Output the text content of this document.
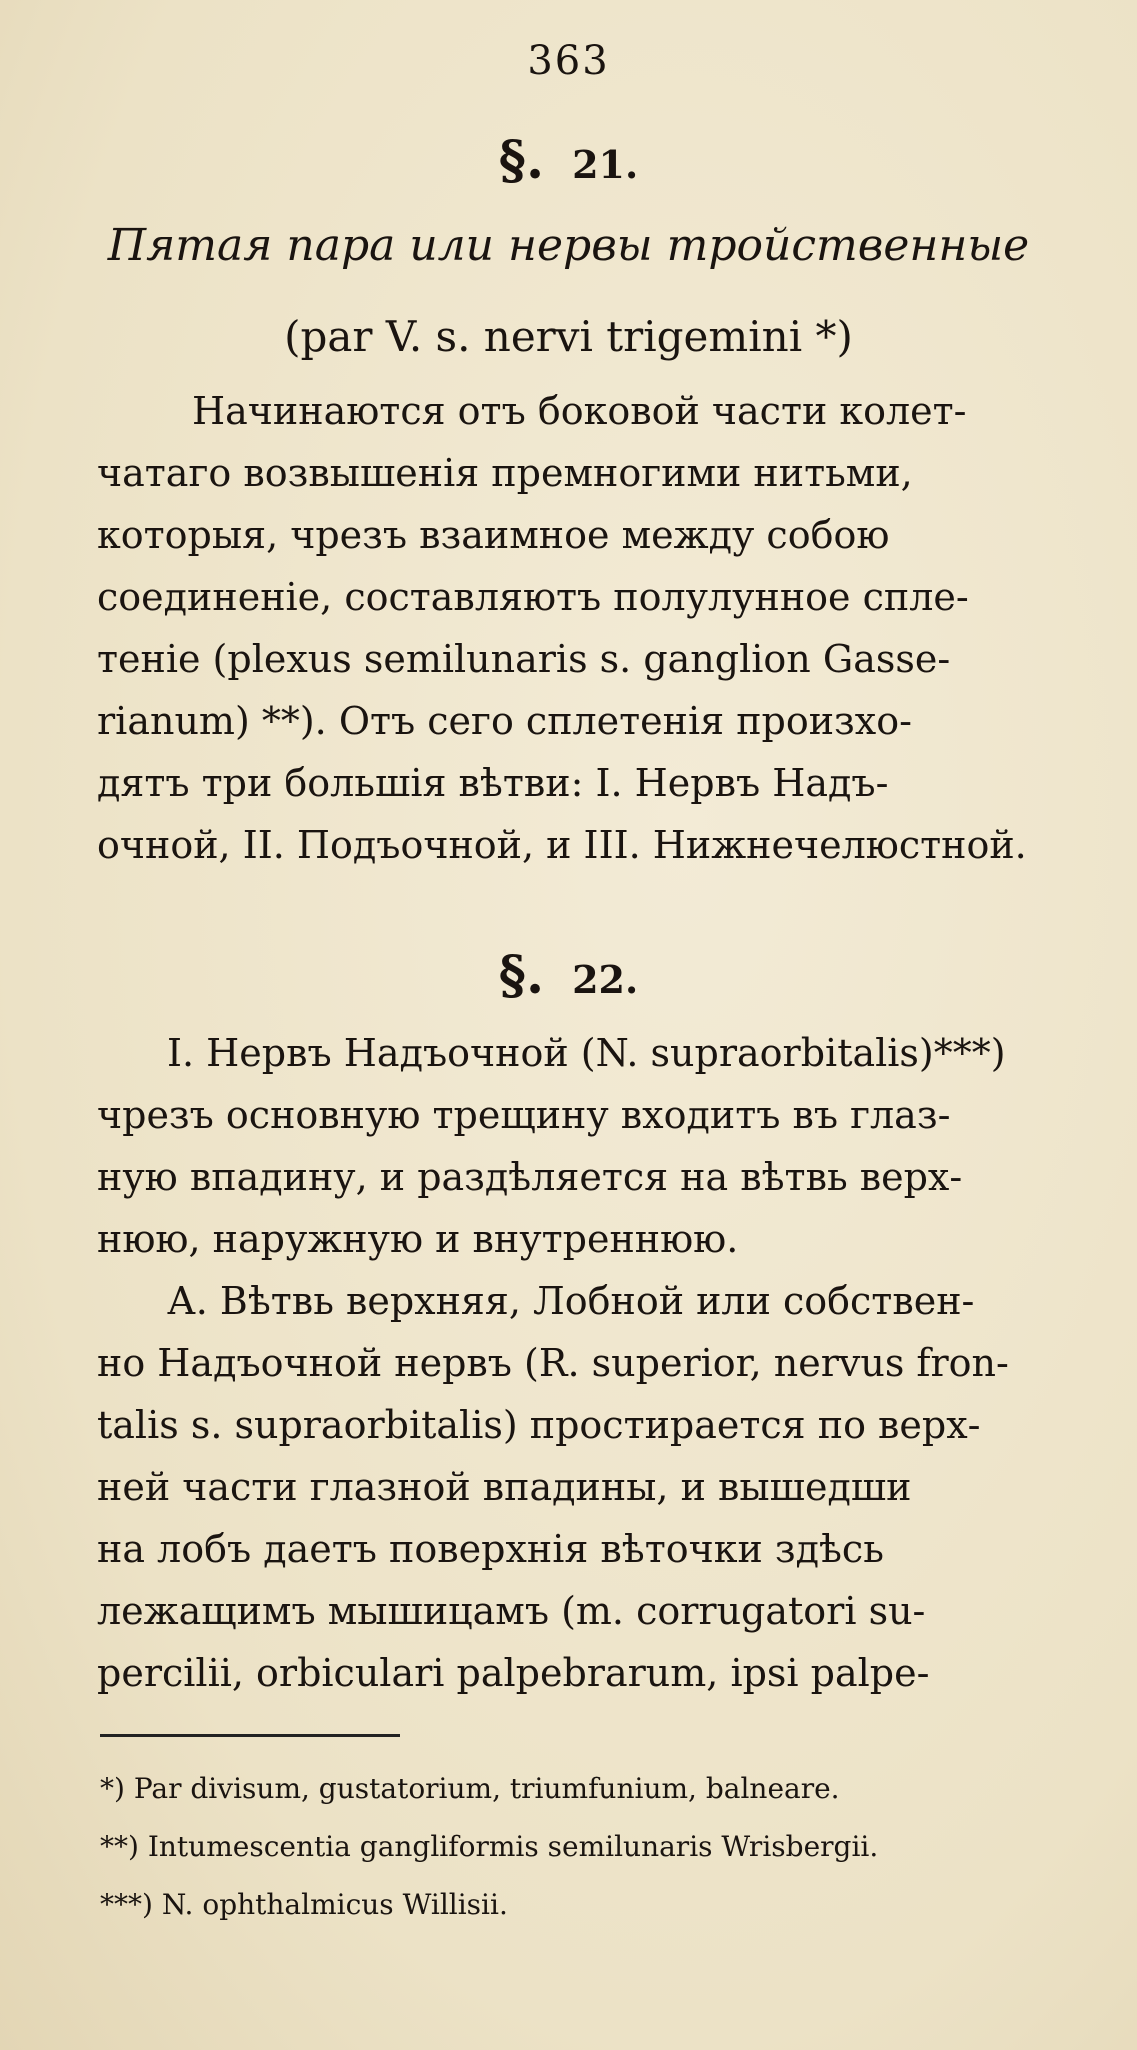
363
§. 21.
Пятая пара или нервы тройственные
(par V. s. nervi trigemini *)
Начинаются отъ боковой части колет-
чатаго возвышенія премногими нитьми,
которыя, чрезъ взаимное между собою
соединеніе, составляютъ полулунное спле-
теніе (plexus semilunaris s. ganglion Gasse-
rianum) **). Отъ сего сплетенія произхо-
дятъ три большія вѣтви: I. Нервъ Надъ-
очной, II. Подъочной, и III. Нижнечелюстной.
§. 22.
I. Нервъ Надъочной (N. supraorbitalis)***)
чрезъ основную трещину входитъ въ глаз-
ную впадину, и раздѣляется на вѣтвь верх-
нюю, наружную и внутреннюю.
А. Вѣтвь верхняя, Лобной или собствен-
но Надъочной нервъ (R. superior, nervus fron-
talis s. supraorbitalis) простирается по верх-
ней части глазной впадины, и вышедши
на лобъ даетъ поверхнія вѣточки здѣсь
лежащимъ мышицамъ (m. corrugatori su-
percilii, orbiculari palpebrarum, ipsi palpe-
*) Par divisum, gustatorium, triumfunium, balneare.
**) Intumescentia gangliformis semilunaris Wrisbergii.
***) N. ophthalmicus Willisii.
